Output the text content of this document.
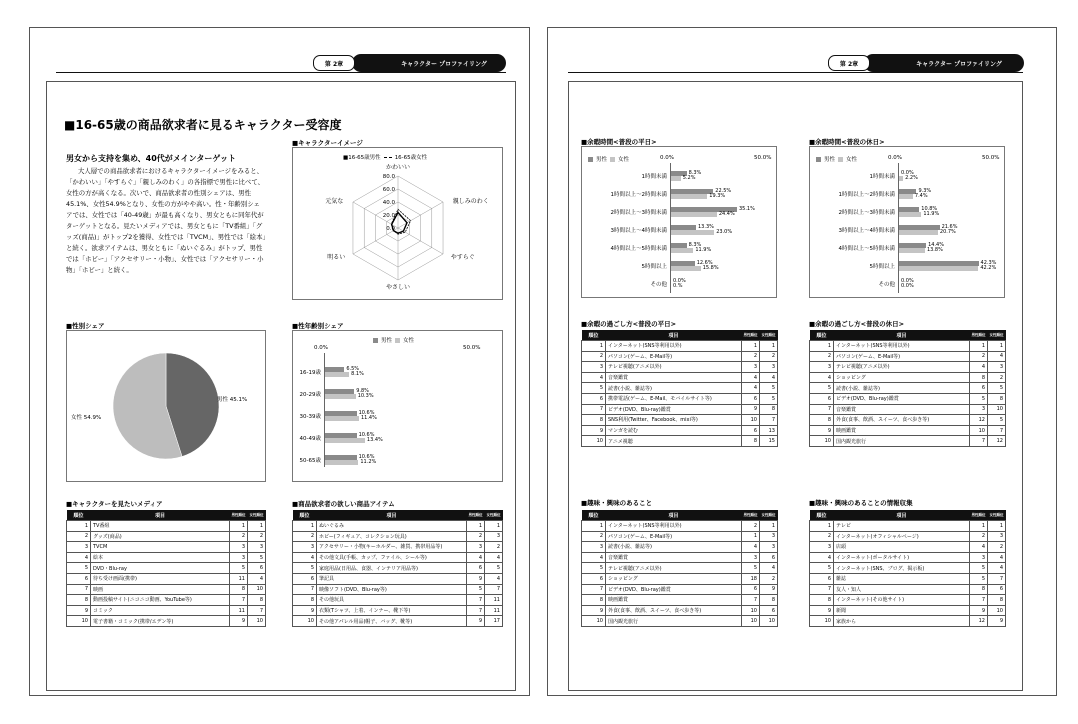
キャラクター プロファイリング
第 2章
■16-65歳の商品欲求者に見るキャラクター受容度
男女から支持を集め、40代がメインターゲット
大人層での商品欲求者におけるキャラクターイメージをみると、「かわいい」「やすらぐ」「親しみのわく」の各指標で男性に比べて、女性の方が高くなる。次いで、商品欲求者の性別シェアは、男性45.1%、女性54.9%となり、女性の方がやや高い。性・年齢別シェアでは、女性では「40-49歳」が最も高くなり、男女ともに同年代がターゲットとなる。見たいメディアでは、男女ともに「TV番組」「グッズ(商品)」がトップ2を獲得、女性では「TVCM」、男性では「絵本」と続く。欲求アイテムは、男女ともに「ぬいぐるみ」がトップ、男性では「ホビー」「アクセサリー・小物」、女性では「アクセサリー・小物」「ホビー」と続く。
■キャラクターイメージ
■16-65歳男性	16-65歳女性
0.0
20.0
40.0
60.0
80.0
かわいい
親しみのわく
やすらぐ
やさしい
明るい
元気な
■性別シェア
男性 45.1%
女性 54.9%
■性年齢別シェア
男性 女性
0.0%	50.0%
16-19歳
6.5%
8.1%
20-29歳
9.8%
10.3%
30-39歳
10.6%
11.4%
40-49歳
10.6%
13.4%
50-65歳
10.6%
11.2%
■キャラクターを見たいメディア
順位	項目	男性順位	女性順位
1	TV番組	1	1
2	グッズ(商品)	2	2
3	TVCM	3	3
4	絵本	3	5
5	DVD・Blu-ray	5	6
6	待ち受け画面(携帯)	11	4
7	映画	8	10
8	動画投稿サイト(ニコニコ動画、YouTube等)	7	8
9	コミック	11	7
10	電子書籍・コミック(携帯/エデン等)	9	10
■商品欲求者の欲しい商品アイテム
順位	項目	男性順位	女性順位
1	ぬいぐるみ	1	1
2	ホビー(フィギュア、コレクション玩具)	2	3
3	アクセサリー・小物(キーホルダー、雑貨、携帯用品等)	3	2
4	その他文具(手帳、カップ、ファイル、シール等)	4	4
5	家庭用品(日用品、食器、インテリア用品等)	6	5
6	筆記具	9	4
7	映像ソフト(DVD、Blu-ray等)	5	7
8	その他玩具	7	11
9	衣類(Tシャツ、上着、インナー、靴下等)	7	11
10	その他アパレル用品(帽子、バッグ、靴等)	9	17
キャラクター プロファイリング
第 2章
■余暇時間<普段の平日>
男性 女性	0.0%	50.0%
1時間未満
8.3%
5.2%
1時間以上～2時間未満
22.5%
19.3%
2時間以上～3時間未満
35.1%
24.4%
3時間以上～4時間未満
13.3%
23.0%
4時間以上～5時間未満
8.3%
11.9%
5時間以上
12.6%
15.8%
その他
0.0%
0.%
■余暇時間<普段の休日>
男性 女性	0.0%	50.0%
1時間未満
0.0%
2.2%
1時間以上～2時間未満
9.3%
7.4%
2時間以上～3時間未満
10.8%
11.9%
3時間以上～4時間未満
21.6%
20.7%
4時間以上～5時間未満
14.4%
13.8%
5時間以上
42.3%
42.2%
その他
0.0%
0.0%
■余暇の過ごし方<普段の平日>
順位	項目	男性順位	女性順位
1	インターネット(SNS等利用以外)	1	1
2	パソコン(ゲーム、E-Mail等)	2	2
3	テレビ視聴(アニメ以外)	3	3
4	音楽鑑賞	4	4
5	読書(小説、雑誌等)	4	5
6	携帯電話(ゲーム、E-Mail、モバイルサイト等)	6	5
7	ビデオ(DVD、Blu-ray)鑑賞	9	8
8	SNS利用(Twitter、Facebook、mixi等)	10	7
9	マンガを読む	6	13
10	アニメ視聴	8	15
■余暇の過ごし方<普段の休日>
順位	項目	男性順位	女性順位
1	インターネット(SNS等利用以外)	1	1
2	パソコン(ゲーム、E-Mail等)	2	4
3	テレビ視聴(アニメ以外)	4	3
4	ショッピング	8	2
5	読書(小説、雑誌等)	6	5
6	ビデオ(DVD、Blu-ray)鑑賞	5	8
7	音楽鑑賞	3	10
8	外食(食事、飲酒、スイーツ、食べ歩き等)	12	5
9	映画鑑賞	10	7
10	国内観光旅行	7	12
■趣味・興味のあること
順位	項目	男性順位	女性順位
1	インターネット(SNS等利用以外)	2	1
2	パソコン(ゲーム、E-Mail等)	1	3
3	読書(小説、雑誌等)	4	3
4	音楽鑑賞	3	6
5	テレビ視聴(アニメ以外)	5	4
6	ショッピング	18	2
7	ビデオ(DVD、Blu-ray)鑑賞	6	9
8	映画鑑賞	7	8
9	外食(食事、飲酒、スイーツ、食べ歩き等)	10	6
10	国内観光旅行	10	10
■趣味・興味のあることの情報収集
順位	項目	男性順位	女性順位
1	テレビ	1	1
2	インターネット(オフィシャルページ)	2	3
3	店頭	4	2
4	インターネット(ポータルサイト)	3	4
5	インターネット(SNS、ブログ、掲示板)	5	4
6	雑誌	5	7
7	友人・知人	8	6
8	インターネット(その他サイト)	7	8
9	新聞	9	10
10	家族から	12	9
